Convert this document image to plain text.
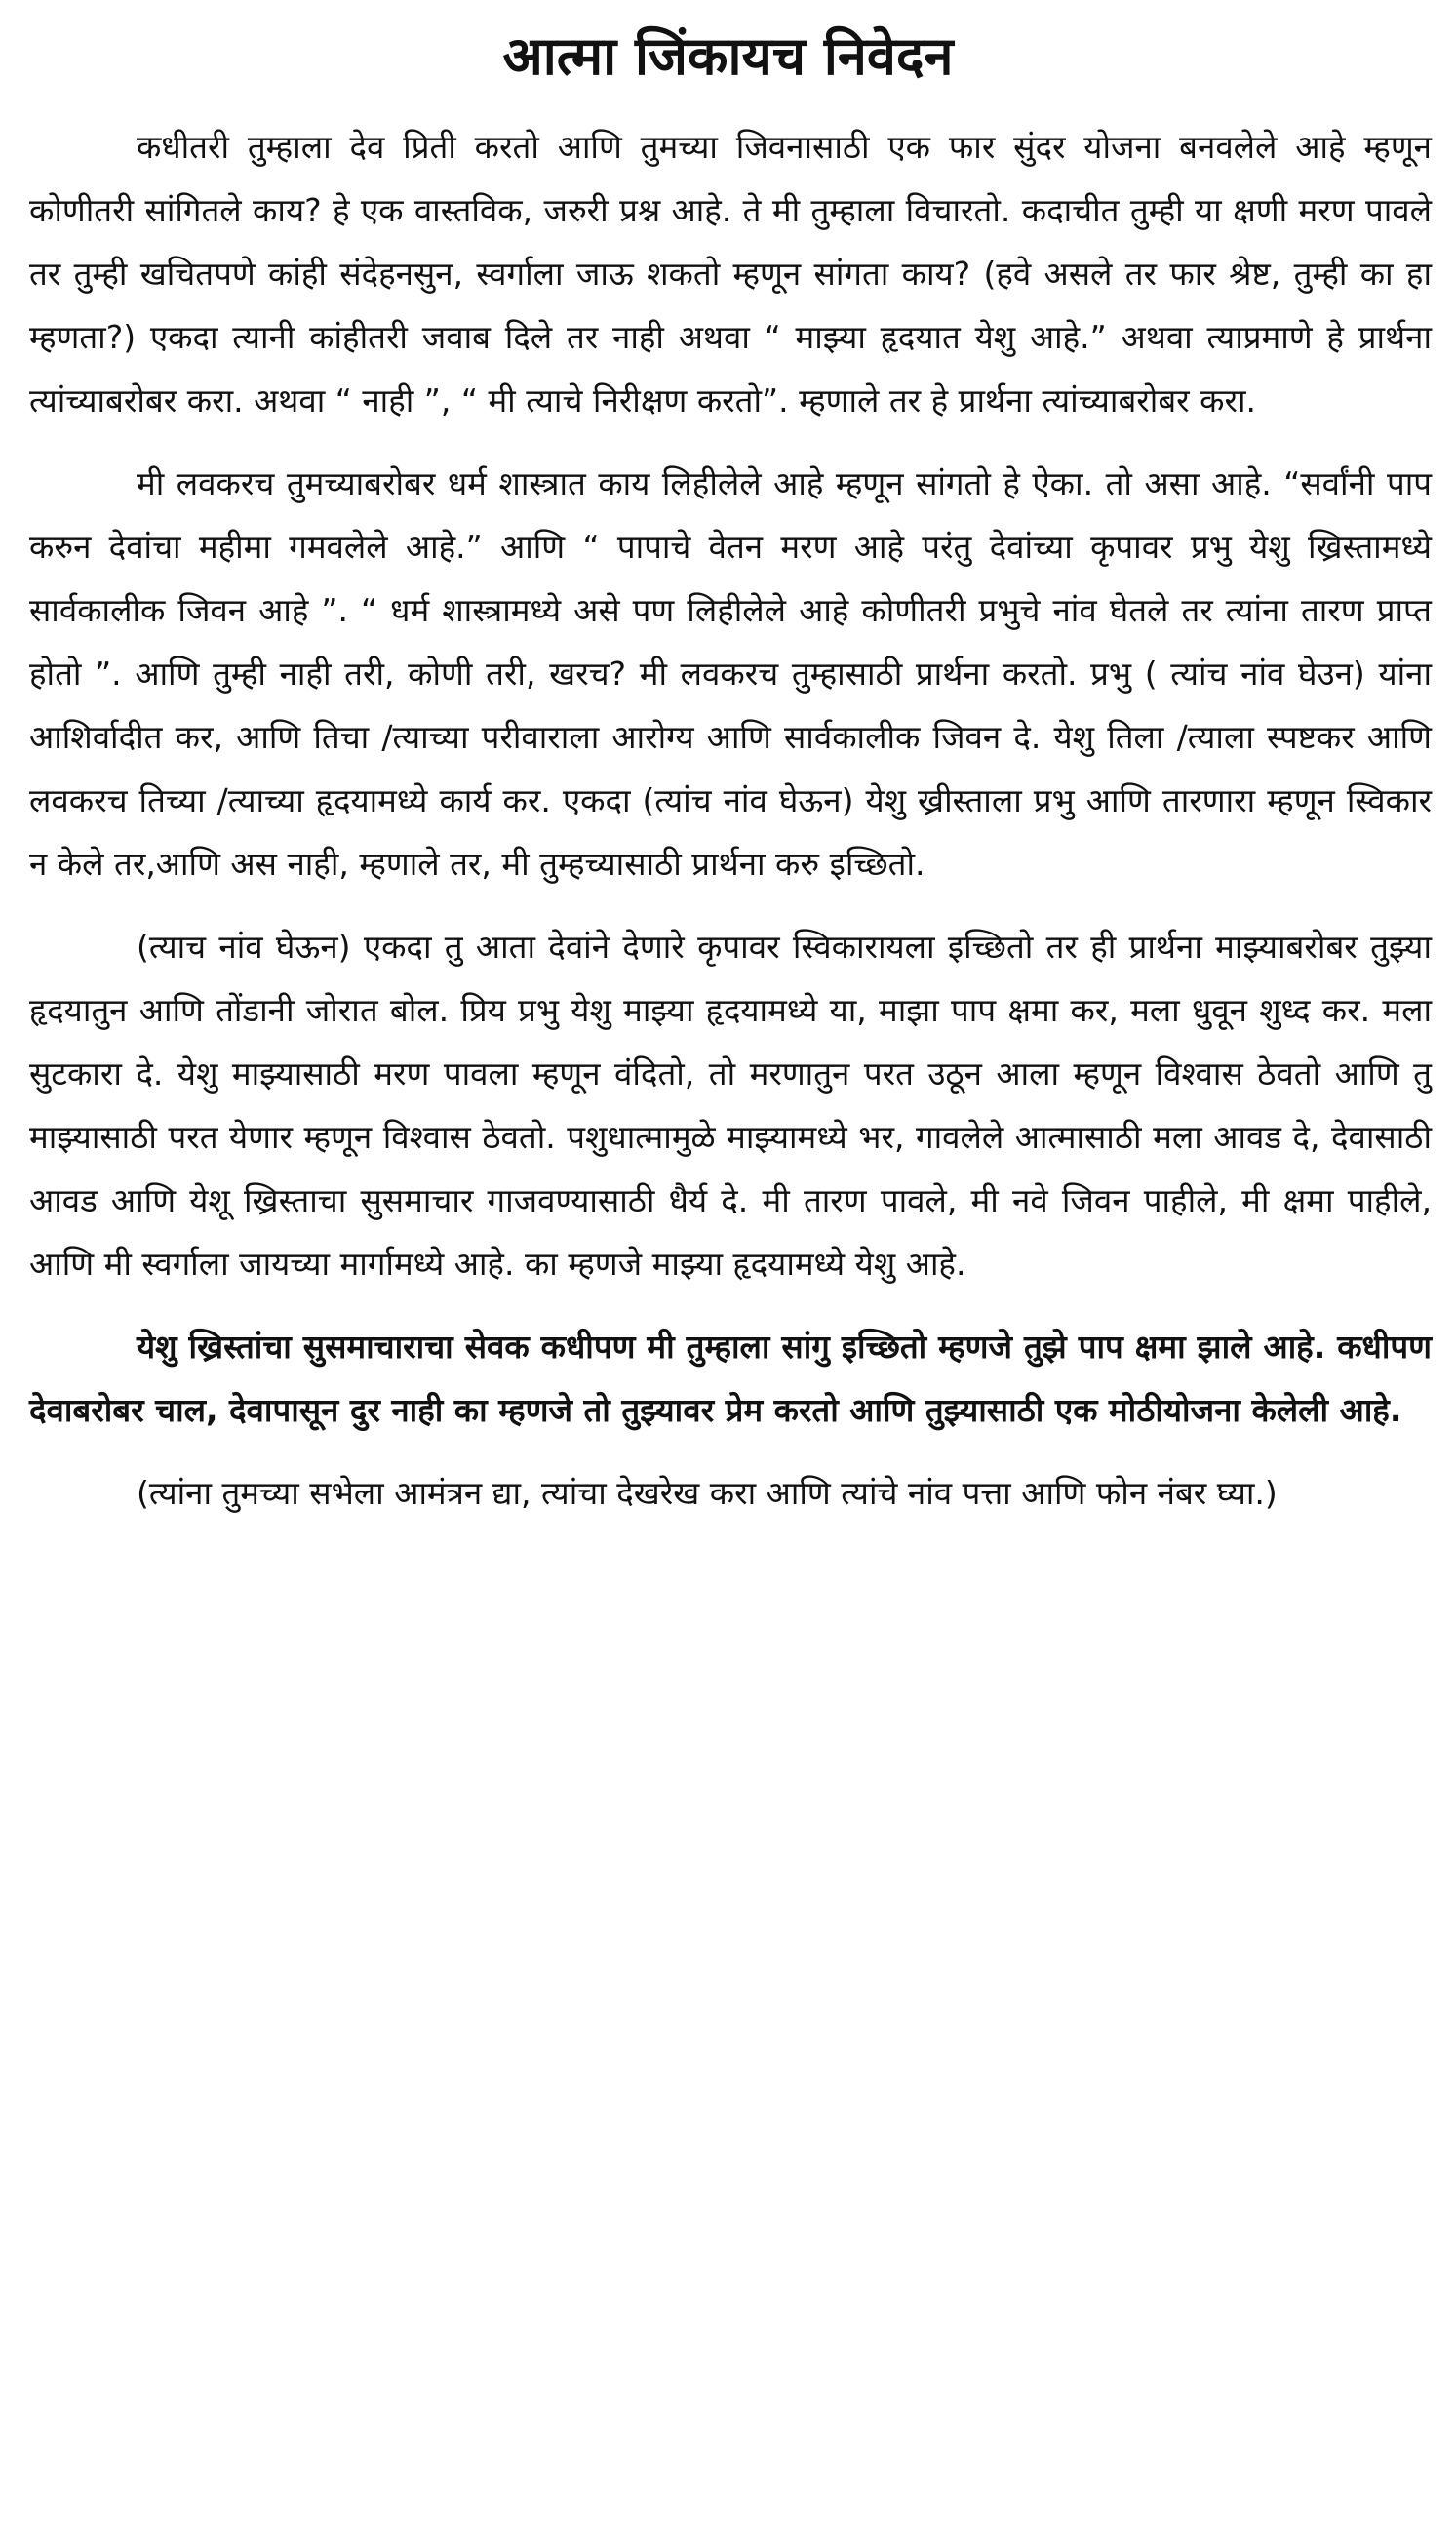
आत्मा जिंकायच निवेदन

कधीतरी तुम्हाला देव प्रिती करतो आणि तुमच्या जिवनासाठी एक फार सुंदर योजना बनवलेले आहे म्हणून कोणीतरी सांगितले काय? हे एक वास्तविक, जरुरी प्रश्न आहे. ते मी तुम्हाला विचारतो. कदाचीत तुम्ही या क्षणी मरण पावले तर तुम्ही खचितपणे कांही संदेहनसुन, स्वर्गाला जाऊ शकतो म्हणून सांगता काय? (हवे असले तर फार श्रेष्ट, तुम्ही का हा म्हणता?) एकदा त्यानी कांहीतरी जवाब दिले तर नाही अथवा “ माझ्या हृदयात येशु आहे.” अथवा त्याप्रमाणे हे प्रार्थना त्यांच्याबरोबर करा. अथवा “ नाही ”, “ मी त्याचे निरीक्षण करतो”. म्हणाले तर हे प्रार्थना त्यांच्याबरोबर करा.

मी लवकरच तुमच्याबरोबर धर्म शास्त्रात काय लिहीलेले आहे म्हणून सांगतो हे ऐका. तो असा आहे. “सर्वांनी पाप करुन देवांचा महीमा गमवलेले आहे.” आणि “ पापाचे वेतन मरण आहे परंतु देवांच्या कृपावर प्रभु येशु ख्रिस्तामध्ये सार्वकालीक जिवन आहे ”. “ धर्म शास्त्रामध्ये असे पण लिहीलेले आहे कोणीतरी प्रभुचे नांव घेतले तर त्यांना तारण प्राप्त होतो ”. आणि तुम्ही नाही तरी, कोणी तरी, खरच? मी लवकरच तुम्हासाठी प्रार्थना करतो. प्रभु ( त्यांच नांव घेउन) यांना आशिर्वादीत कर, आणि तिचा /त्याच्या परीवाराला आरोग्य आणि सार्वकालीक जिवन दे. येशु तिला /त्याला स्पष्टकर आणि लवकरच तिच्या /त्याच्या हृदयामध्ये कार्य कर. एकदा (त्यांच नांव घेऊन) येशु ख्रीस्ताला प्रभु आणि तारणारा म्हणून स्विकार न केले तर,आणि अस नाही, म्हणाले तर, मी तुम्हच्यासाठी प्रार्थना करु इच्छितो.

(त्याच नांव घेऊन) एकदा तु आता देवांने देणारे कृपावर स्विकारायला इच्छितो तर ही प्रार्थना माझ्याबरोबर तुझ्या हृदयातुन आणि तोंडानी जोरात बोल. प्रिय प्रभु येशु माझ्या हृदयामध्ये या, माझा पाप क्षमा कर, मला धुवून शुध्द कर. मला सुटकारा दे. येशु माझ्यासाठी मरण पावला म्हणून वंदितो, तो मरणातुन परत उठून आला म्हणून विश्वास ठेवतो आणि तु माझ्यासाठी परत येणार म्हणून विश्वास ठेवतो. पशुधात्मामुळे माझ्यामध्ये भर, गावलेले आत्मासाठी मला आवड दे, देवासाठी आवड आणि येशू ख्रिस्ताचा सुसमाचार गाजवण्यासाठी धैर्य दे. मी तारण पावले, मी नवे जिवन पाहीले, मी क्षमा पाहीले, आणि मी स्वर्गाला जायच्या मार्गामध्ये आहे. का म्हणजे माझ्या हृदयामध्ये येशु आहे.

येशु ख्रिस्तांचा सुसमाचाराचा सेवक कधीपण मी तुम्हाला सांगु इच्छितो म्हणजे तुझे पाप क्षमा झाले आहे. कधीपण देवाबरोबर चाल, देवापासून दुर नाही का म्हणजे तो तुझ्यावर प्रेम करतो आणि तुझ्यासाठी एक मोठीयोजना केलेली आहे.

(त्यांना तुमच्या सभेला आमंत्रन द्या, त्यांचा देखरेख करा आणि त्यांचे नांव पत्ता आणि फोन नंबर घ्या.)
